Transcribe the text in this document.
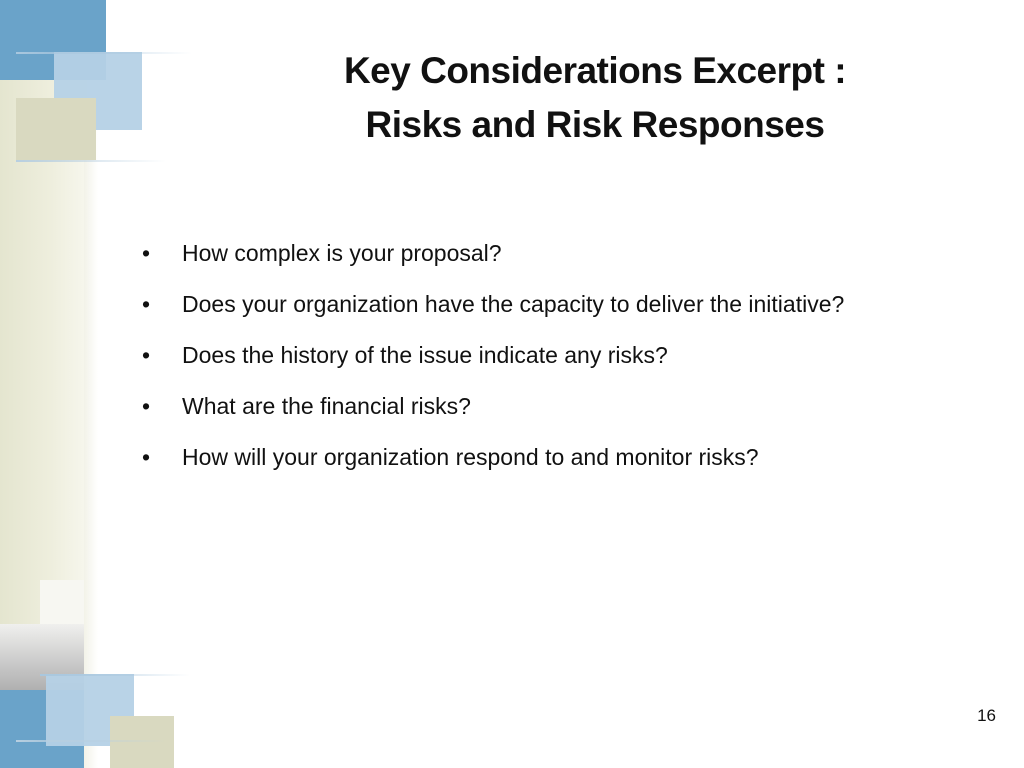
Key Considerations Excerpt :
Risks and Risk Responses
• How complex is your proposal?
• Does your organization have the capacity to deliver the initiative?
• Does the history of the issue indicate any risks?
• What are the financial risks?
• How will your organization respond to and monitor risks?
16
